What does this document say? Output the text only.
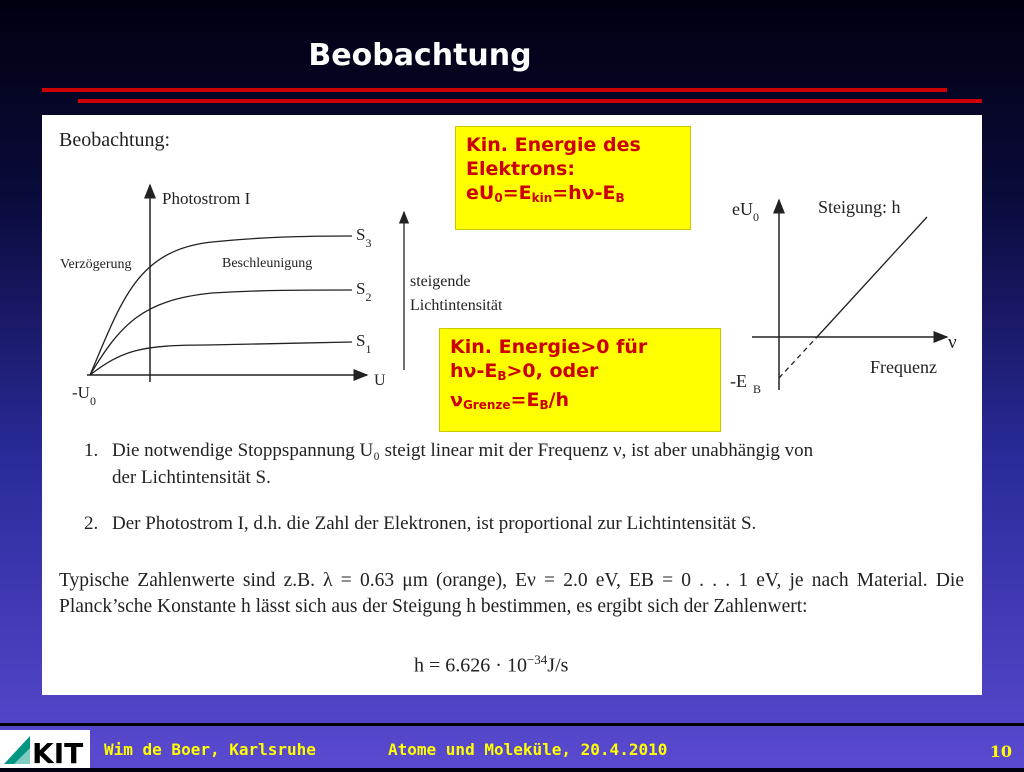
Beobachtung
Beobachtung:
Photostrom I
U
$-U_0$
Verzögerung	Beschleunigung
$S_3$
$S_2$
$S_1$
steigende
Lichtintensität
$eU_0$	Steigung: h
ν
Frequenz
-E $_B$
Kin. Energie des
Elektrons:
$eU_0=E_{kin}=h\nu-E_B$
Kin. Energie>0 für
$h\nu-E_B>0$, oder
$\nu_{Grenze}=E_B/h$
1. Die notwendige Stoppspannung U₀ steigt linear mit der Frequenz ν, ist aber unabhängig von
der Lichtintensität S.
2. Der Photostrom I, d.h. die Zahl der Elektronen, ist proportional zur Lichtintensität S.
Typische Zahlenwerte sind z.B. λ = 0.63 μm (orange), Eν = 2.0 eV, EB = 0 . . . 1 eV, je nach Material. Die Planck’sche Konstante h lässt sich aus der Steigung h bestimmen, es ergibt sich der Zahlenwert:
$h = 6.626 \cdot 10^{-34}J/s$
KIT Wim de Boer, Karlsruhe	Atome und Moleküle, 20.4.2010	10
